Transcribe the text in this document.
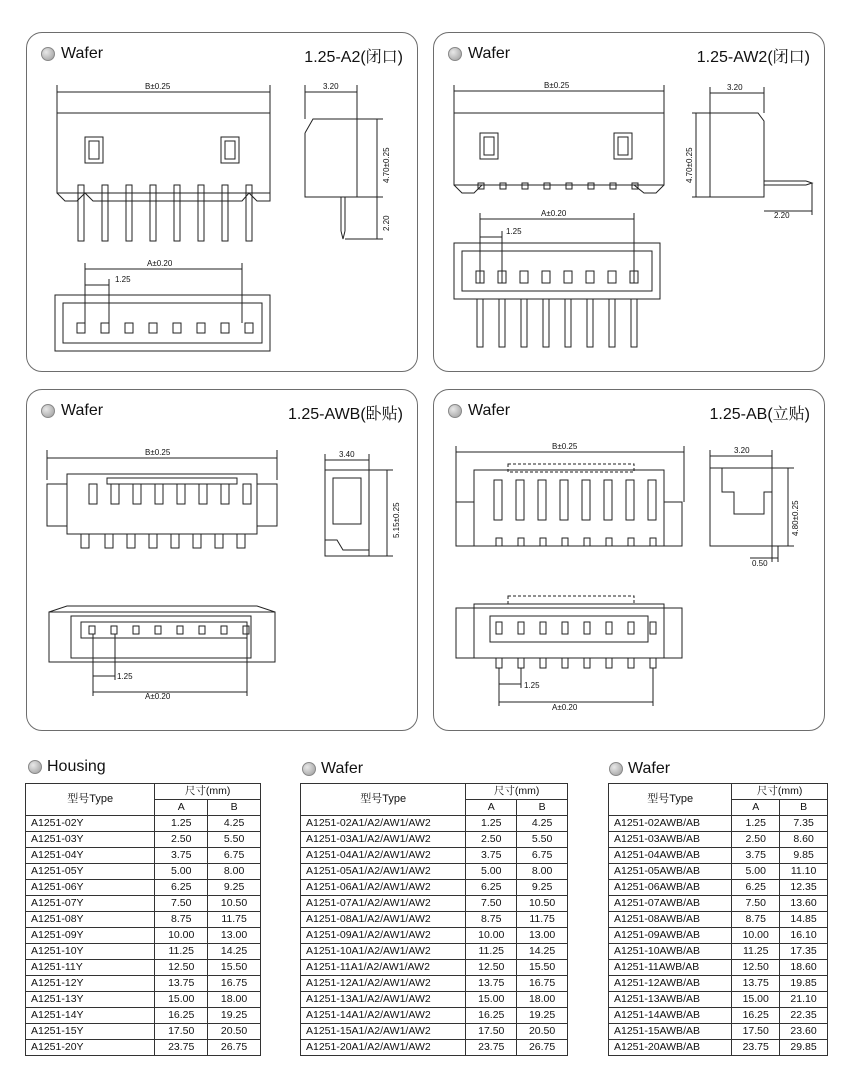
Wafer	1.25-A2(闭口)
B±0.25	3.20
4.70±0.25
2.20
A±0.20
1.25
Wafer	1.25-AW2(闭口)
B±0.25	3.20
4.70±0.25
2.20
A±0.20
1.25
Wafer	1.25-AWB(卧贴)
B±0.25	3.40
5.15±0.25
1.25
A±0.20
Wafer	1.25-AB(立贴)
B±0.25	3.20
4.80±0.25
0.50
1.25
A±0.20
Housing	Wafer	Wafer
型号Type	尺寸(mm)	
	A	B
A1251-02Y	1.25	4.25
A1251-03Y	2.50	5.50
A1251-04Y	3.75	6.75
A1251-05Y	5.00	8.00
A1251-06Y	6.25	9.25
A1251-07Y	7.50	10.50
A1251-08Y	8.75	11.75
A1251-09Y	10.00	13.00
A1251-10Y	11.25	14.25
A1251-11Y	12.50	15.50
A1251-12Y	13.75	16.75
A1251-13Y	15.00	18.00
A1251-14Y	16.25	19.25
A1251-15Y	17.50	20.50
A1251-20Y	23.75	26.75
型号Type	尺寸(mm)	
	A	B
A1251-02A1/A2/AW1/AW2	1.25	4.25
A1251-03A1/A2/AW1/AW2	2.50	5.50
A1251-04A1/A2/AW1/AW2	3.75	6.75
A1251-05A1/A2/AW1/AW2	5.00	8.00
A1251-06A1/A2/AW1/AW2	6.25	9.25
A1251-07A1/A2/AW1/AW2	7.50	10.50
A1251-08A1/A2/AW1/AW2	8.75	11.75
A1251-09A1/A2/AW1/AW2	10.00	13.00
A1251-10A1/A2/AW1/AW2	11.25	14.25
A1251-11A1/A2/AW1/AW2	12.50	15.50
A1251-12A1/A2/AW1/AW2	13.75	16.75
A1251-13A1/A2/AW1/AW2	15.00	18.00
A1251-14A1/A2/AW1/AW2	16.25	19.25
A1251-15A1/A2/AW1/AW2	17.50	20.50
A1251-20A1/A2/AW1/AW2	23.75	26.75
型号Type	尺寸(mm)	
	A	B
A1251-02AWB/AB	1.25	7.35
A1251-03AWB/AB	2.50	8.60
A1251-04AWB/AB	3.75	9.85
A1251-05AWB/AB	5.00	11.10
A1251-06AWB/AB	6.25	12.35
A1251-07AWB/AB	7.50	13.60
A1251-08AWB/AB	8.75	14.85
A1251-09AWB/AB	10.00	16.10
A1251-10AWB/AB	11.25	17.35
A1251-11AWB/AB	12.50	18.60
A1251-12AWB/AB	13.75	19.85
A1251-13AWB/AB	15.00	21.10
A1251-14AWB/AB	16.25	22.35
A1251-15AWB/AB	17.50	23.60
A1251-20AWB/AB	23.75	29.85
